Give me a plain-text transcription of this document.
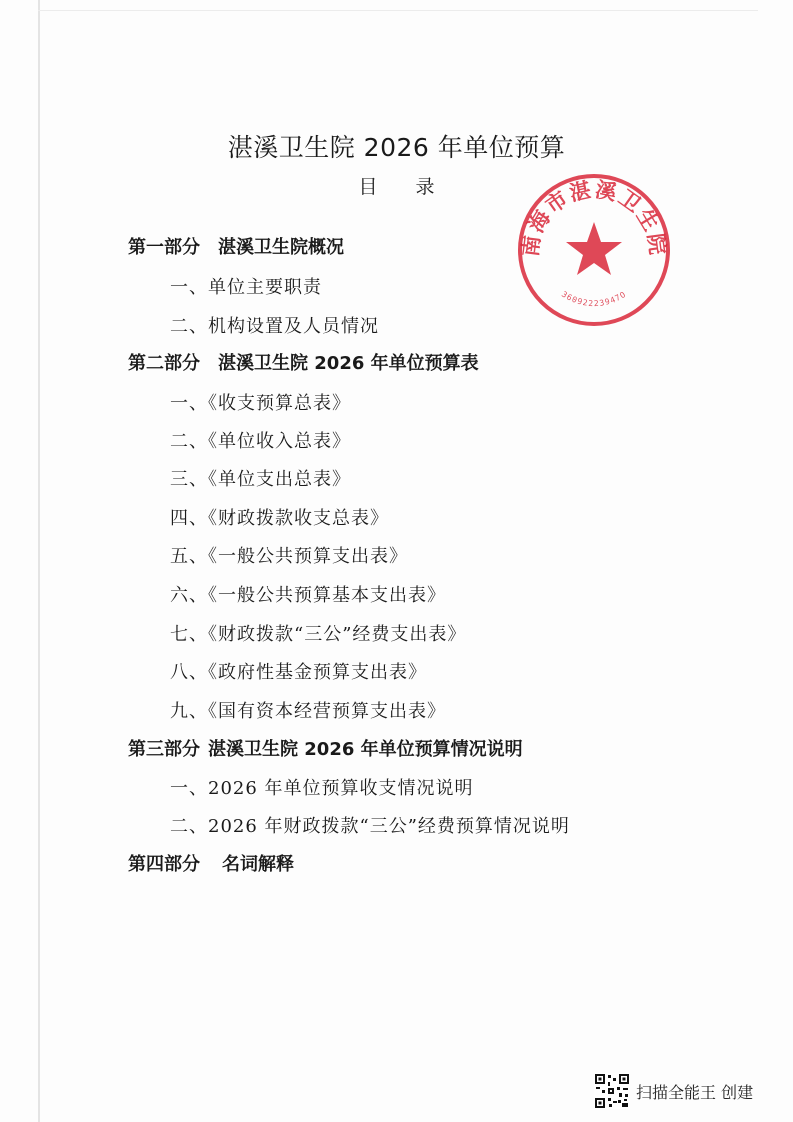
湛溪卫生院 2026 年单位预算
目　　录
南海市湛溪卫生院
36092223947O
第一部分 湛溪卫生院概况
一、单位主要职责
二、机构设置及人员情况
第二部分 湛溪卫生院 2026 年单位预算表
一、《收支预算总表》
二、《单位收入总表》
三、《单位支出总表》
四、《财政拨款收支总表》
五、《一般公共预算支出表》
六、《一般公共预算基本支出表》
七、《财政拨款“三公”经费支出表》
八、《政府性基金预算支出表》
九、《国有资本经营预算支出表》
第三部分 湛溪卫生院 2026 年单位预算情况说明
一、2026 年单位预算收支情况说明
二、2026 年财政拨款“三公”经费预算情况说明
第四部分 名词解释
扫描全能王 创建
